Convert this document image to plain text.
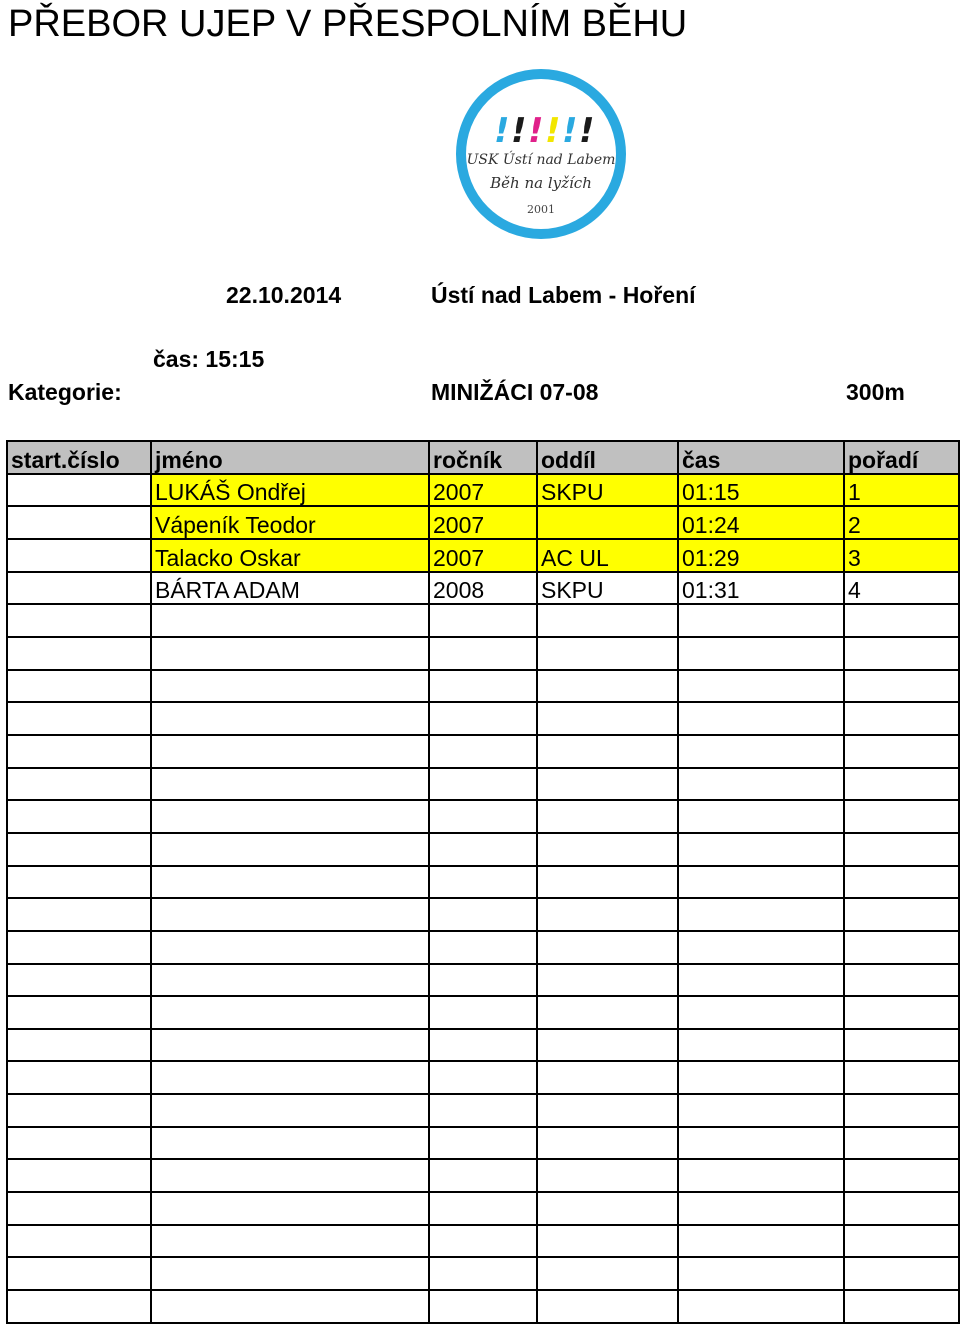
PŘEBOR UJEP V PŘESPOLNÍM BĚHU
! ! ! ! ! !
USK Ústí nad Labem
Běh na lyžích
2001
22.10.2014	Ústí nad Labem - Hoření
čas: 15:15
Kategorie:	MINIŽÁCI 07-08	300m
start.číslo	jméno	ročník	oddíl	čas	pořadí
	LUKÁŠ Ondřej	2007	SKPU	01:15	1
	Vápeník Teodor	2007		01:24	2
	Talacko Oskar	2007	AC UL	01:29	3
	BÁRTA ADAM	2008	SKPU	01:31	4
